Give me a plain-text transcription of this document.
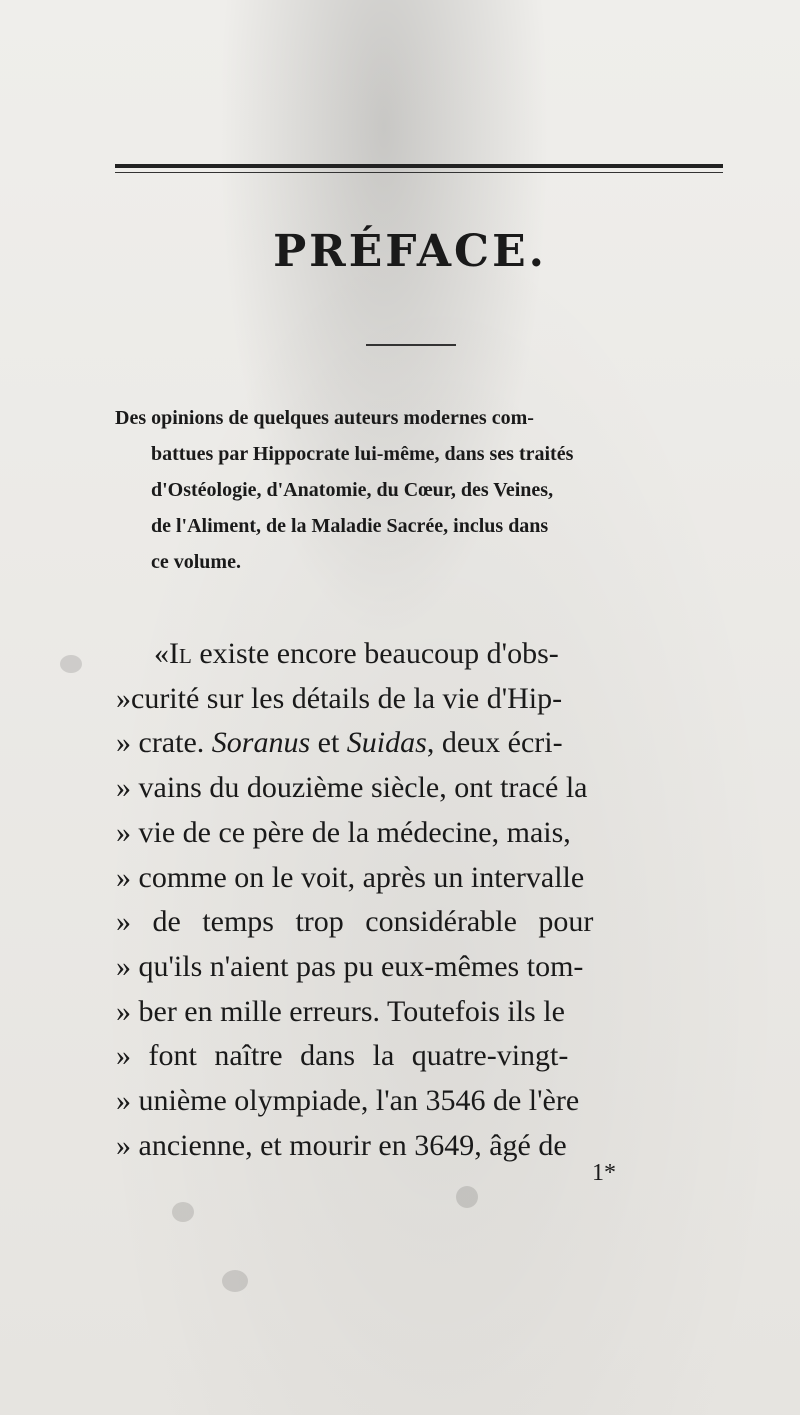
PRÉFACE.
Des opinions de quelques auteurs modernes com-
battues par Hippocrate lui-même, dans ses traités
d'Ostéologie, d'Anatomie, du Cœur, des Veines,
de l'Aliment, de la Maladie Sacrée, inclus dans
ce volume.
«Il existe encore beaucoup d'obs-
»curité sur les détails de la vie d'Hip-
» crate. Soranus et Suidas, deux écri-
» vains du douzième siècle, ont tracé la
» vie de ce père de la médecine, mais,
» comme on le voit, après un intervalle
» de temps trop considérable pour
» qu'ils n'aient pas pu eux-mêmes tom-
» ber en mille erreurs. Toutefois ils le
» font naître dans la quatre-vingt-
» unième olympiade, l'an 3546 de l'ère
» ancienne, et mourir en 3649, âgé de
1*
